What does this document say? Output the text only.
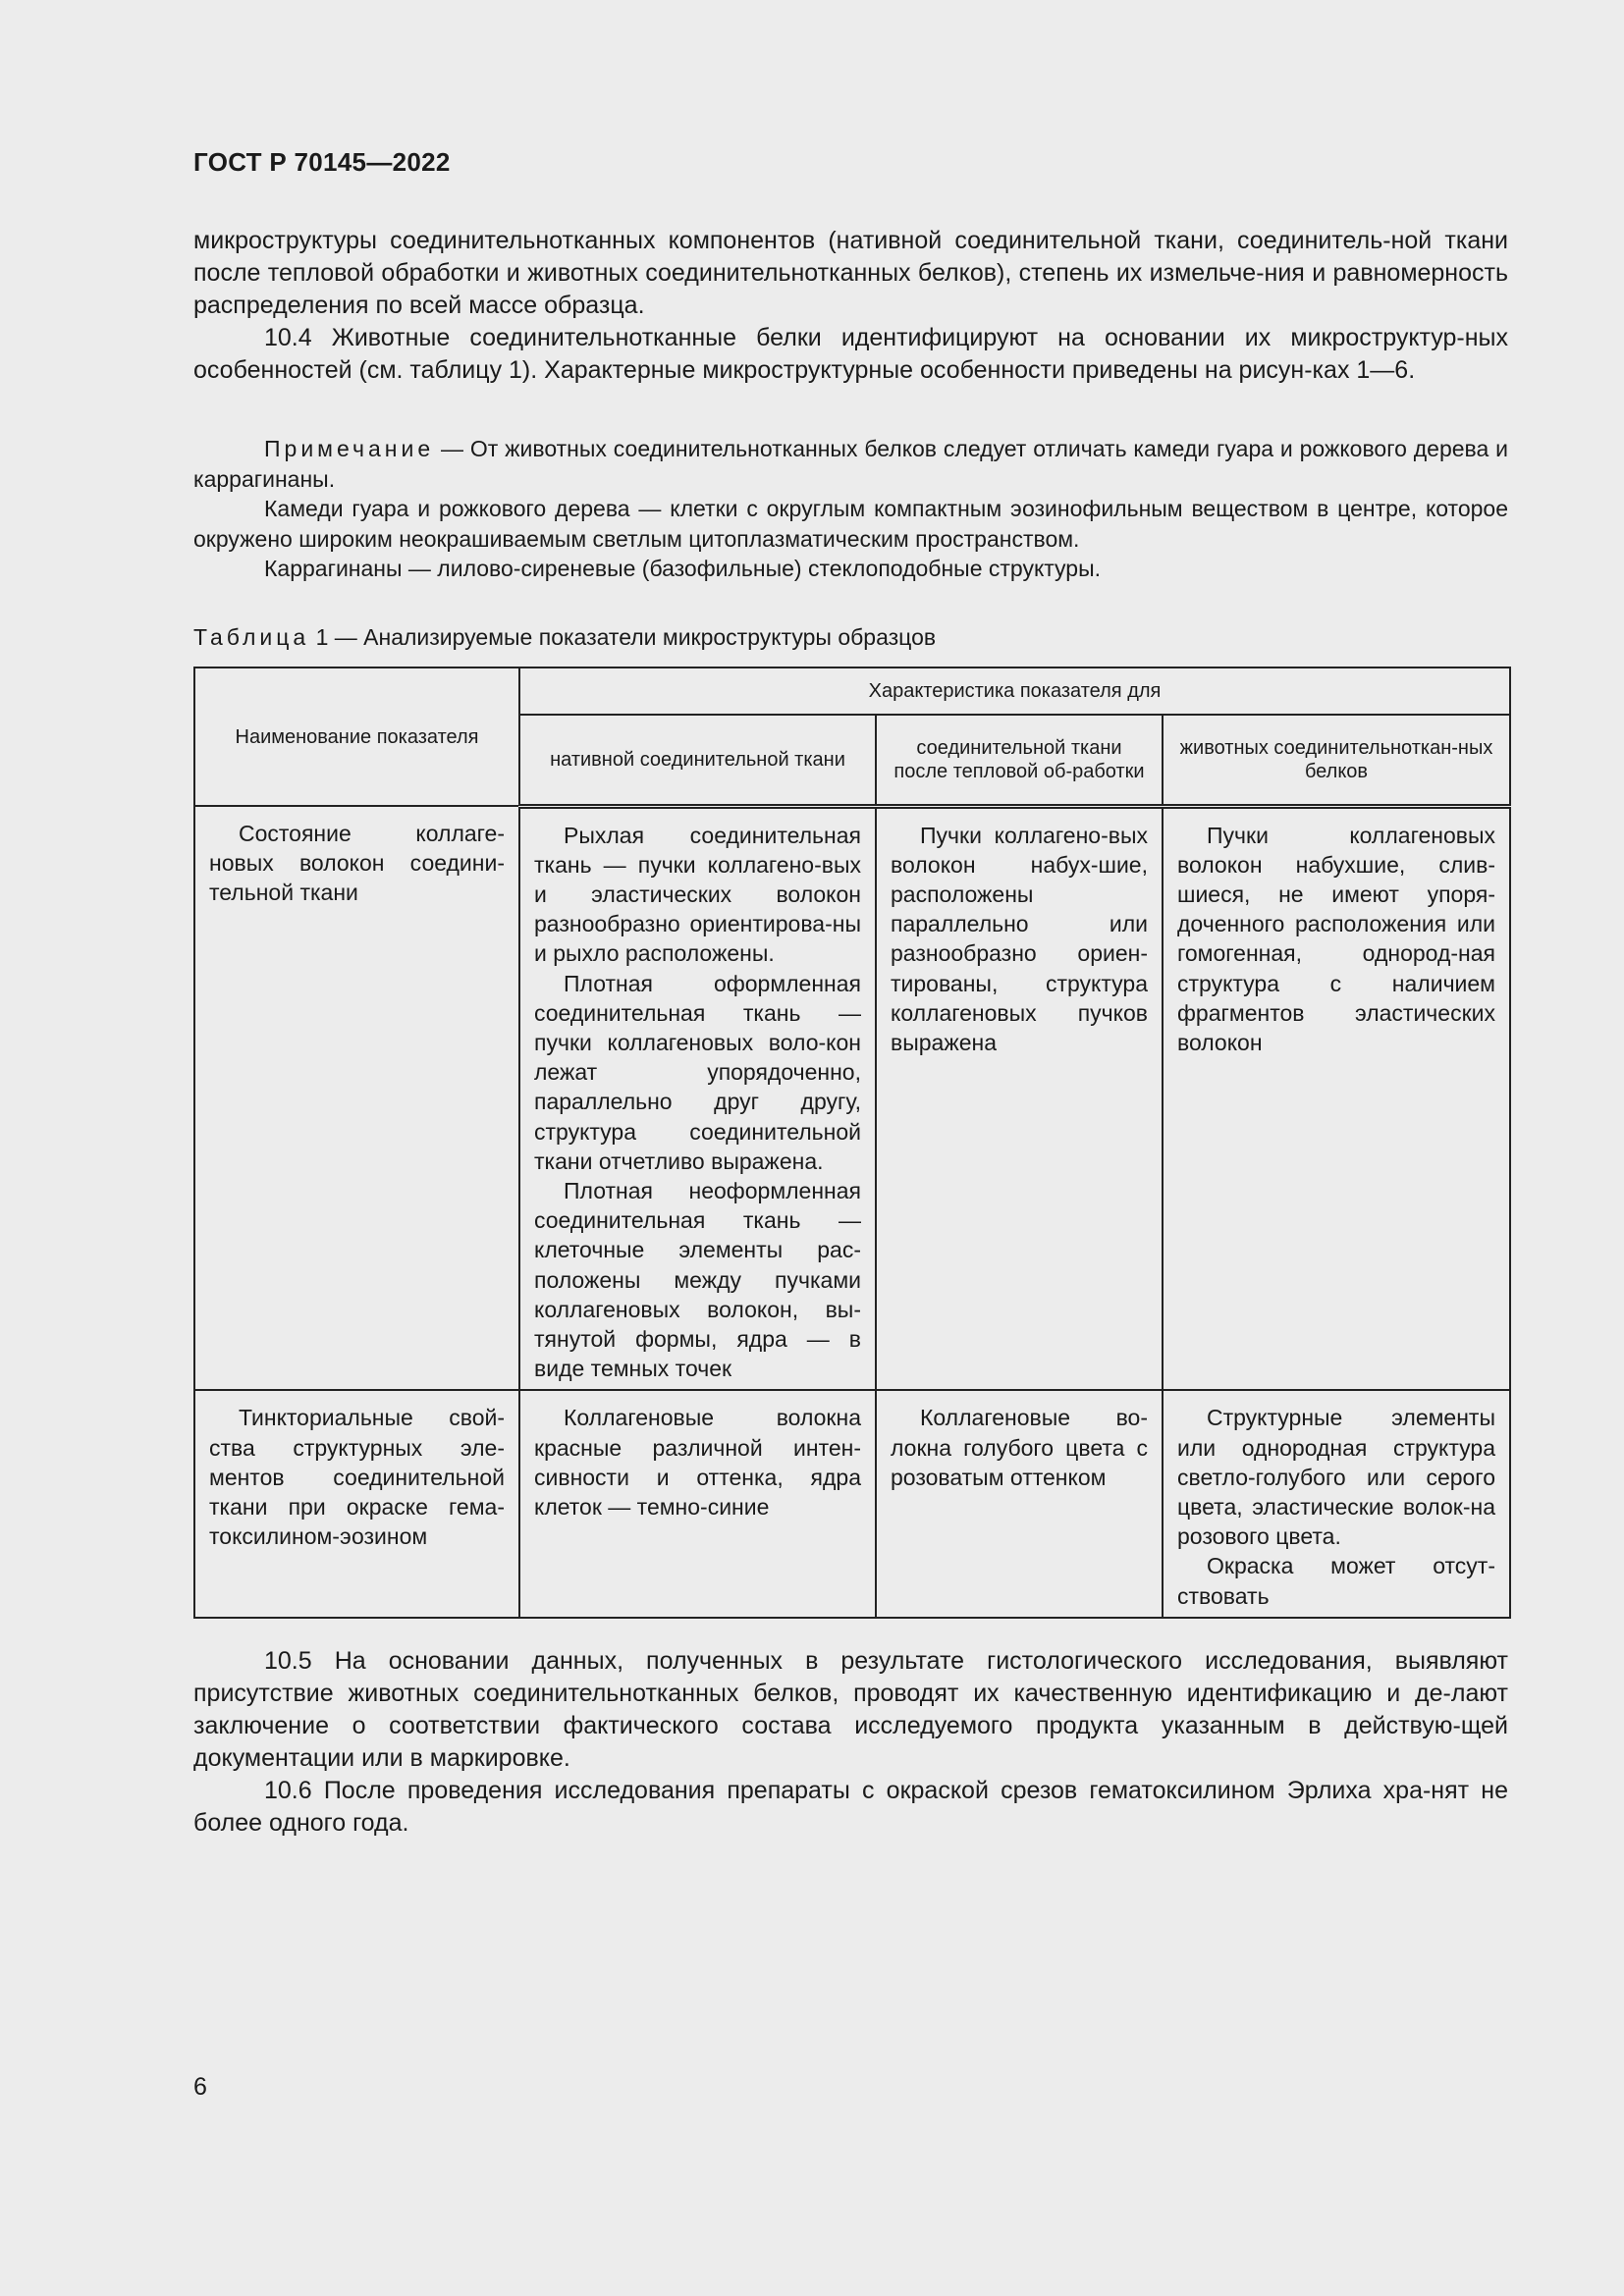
ГОСТ Р 70145—2022

микроструктуры соединительнотканных компонентов (нативной соединительной ткани, соединитель-ной ткани после тепловой обработки и животных соединительнотканных белков), степень их измельче-ния и равномерность распределения по всей массе образца.

10.4 Животные соединительнотканные белки идентифицируют на основании их микроструктур-ных особенностей (см. таблицу 1). Характерные микроструктурные особенности приведены на рисун-ках 1—6.

Примечание — От животных соединительнотканных белков следует отличать камеди гуара и рожкового дерева и каррагинаны.

Камеди гуара и рожкового дерева — клетки с округлым компактным эозинофильным веществом в центре, которое окружено широким неокрашиваемым светлым цитоплазматическим пространством.

Каррагинаны — лилово-сиреневые (базофильные) стеклоподобные структуры.

Таблица 1 — Анализируемые показатели микроструктуры образцов
Наименование показателя	Характеристика показателя для		
	нативной соединительной ткани	соединительной ткани после тепловой об-работки	животных соединительноткан-ных белков

Состояние коллаге-новых волокон соедини-тельной ткани	Рыхлая соединительная ткань — пучки коллагено-вых и эластических волокон разнообразно ориентирова-ны и рыхло расположены.

Плотная оформленная соединительная ткань — пучки коллагеновых воло-кон лежат упорядоченно, параллельно друг другу, структура соединительной ткани отчетливо выражена.

Плотная неоформленная соединительная ткань — клеточные элементы рас-положены между пучками коллагеновых волокон, вы-тянутой формы, ядра — в виде темных точек	Пучки коллагено-вых волокон набух-шие, расположены параллельно или разнообразно ориен-тированы, структура коллагеновых пучков выражена	Пучки коллагеновых волокон набухшие, слив-шиеся, не имеют упоря-доченного расположения или гомогенная, однород-ная структура с наличием фрагментов эластических волокон

Тинкториальные свой-ства структурных эле-ментов соединительной ткани при окраске гема-токсилином-эозином	Коллагеновые волокна красные различной интен-сивности и оттенка, ядра клеток — темно-синие	Коллагеновые во-локна голубого цвета с розоватым оттенком	Структурные элементы или однородная структура светло-голубого или серого цвета, эластические волок-на розового цвета.

Окраска может отсут-ствовать

10.5 На основании данных, полученных в результате гистологического исследования, выявляют присутствие животных соединительнотканных белков, проводят их качественную идентификацию и де-лают заключение о соответствии фактического состава исследуемого продукта указанным в действую-щей документации или в маркировке.

10.6 После проведения исследования препараты с окраской срезов гематоксилином Эрлиха хра-нят не более одного года.

6
